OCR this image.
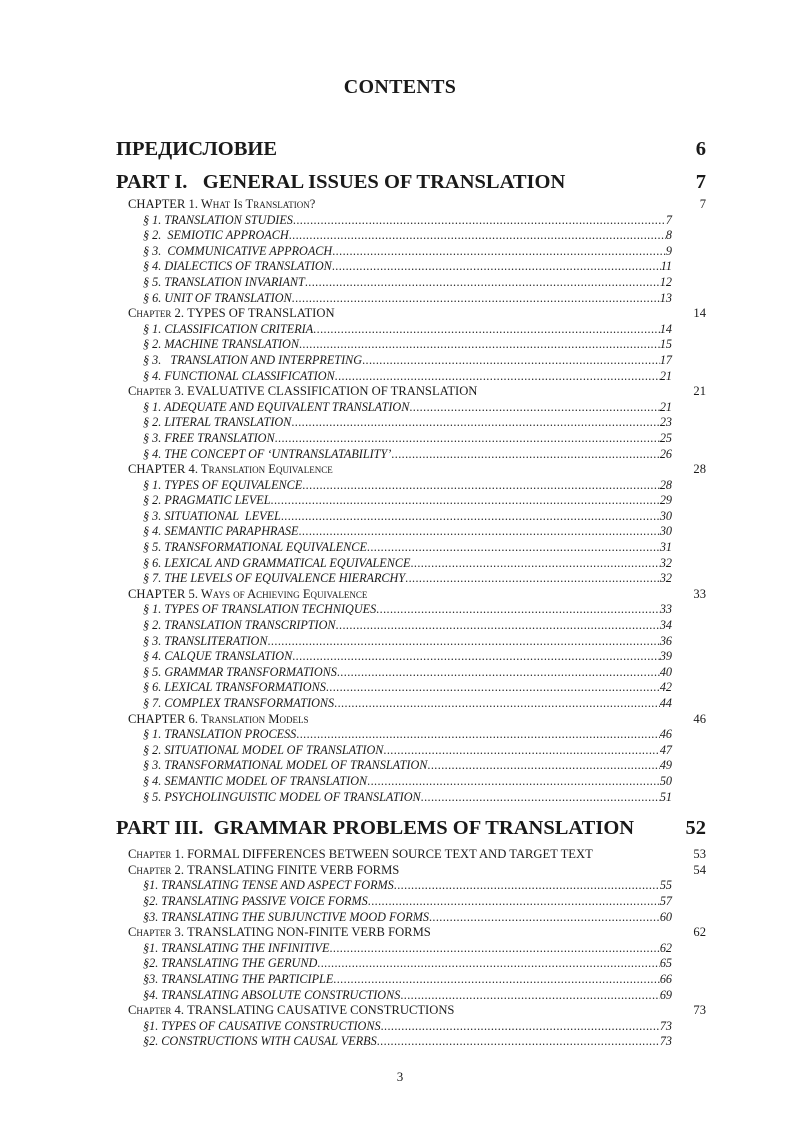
CONTENTS
ПРЕДИСЛОВИЕ	6
PART I.   GENERAL ISSUES OF TRANSLATION	7
CHAPTER 1. What Is Translation?	7
§ 1. TRANSLATION STUDIES .....	7
§ 2.  SEMIOTIC APPROACH .....	8
§ 3.  COMMUNICATIVE APPROACH .....	9
§ 4. DIALECTICS OF TRANSLATION .....	11
§ 5. TRANSLATION INVARIANT .....	12
§ 6. UNIT OF TRANSLATION .....	13
Chapter 2. TYPES OF TRANSLATION	14
§ 1. CLASSIFICATION CRITERIA .....	14
§ 2. MACHINE TRANSLATION .....	15
§ 3.   TRANSLATION AND INTERPRETING .....	17
§ 4. FUNCTIONAL CLASSIFICATION .....	21
Chapter 3. EVALUATIVE CLASSIFICATION OF TRANSLATION	21
§ 1. ADEQUATE AND EQUIVALENT TRANSLATION .....	21
§ 2. LITERAL TRANSLATION .....	23
§ 3. FREE TRANSLATION .....	25
§ 4. THE CONCEPT OF ‘UNTRANSLATABILITY’ .....	26
CHAPTER 4. Translation Equivalence	28
§ 1. TYPES OF EQUIVALENCE .....	28
§ 2. PRAGMATIC LEVEL .....	29
§ 3. SITUATIONAL  LEVEL .....	30
§ 4. SEMANTIC PARAPHRASE .....	30
§ 5. TRANSFORMATIONAL EQUIVALENCE .....	31
§ 6. LEXICAL AND GRAMMATICAL EQUIVALENCE .....	32
§ 7. THE LEVELS OF EQUIVALENCE HIERARCHY .....	32
CHAPTER 5. Ways of Achieving Equivalence	33
§ 1. TYPES OF TRANSLATION TECHNIQUES .....	33
§ 2. TRANSLATION TRANSCRIPTION .....	34
§ 3. TRANSLITERATION .....	36
§ 4. CALQUE TRANSLATION .....	39
§ 5. GRAMMAR TRANSFORMATIONS .....	40
§ 6. LEXICAL TRANSFORMATIONS .....	42
§ 7. COMPLEX TRANSFORMATIONS .....	44
CHAPTER 6. Translation Models	46
§ 1. TRANSLATION PROCESS .....	46
§ 2. SITUATIONAL MODEL OF TRANSLATION .....	47
§ 3. TRANSFORMATIONAL MODEL OF TRANSLATION .....	49
§ 4. SEMANTIC MODEL OF TRANSLATION .....	50
§ 5. PSYCHOLINGUISTIC MODEL OF TRANSLATION .....	51
PART III.  GRAMMAR PROBLEMS OF TRANSLATION	52
Chapter 1. FORMAL DIFFERENCES BETWEEN SOURCE TEXT AND TARGET TEXT	53
Chapter 2. TRANSLATING FINITE VERB FORMS	54
§1. TRANSLATING TENSE AND ASPECT FORMS .....	55
§2. TRANSLATING PASSIVE VOICE FORMS .....	57
§3. TRANSLATING THE SUBJUNCTIVE MOOD FORMS .....	60
Chapter 3. TRANSLATING NON-FINITE VERB FORMS	62
§1. TRANSLATING THE INFINITIVE .....	62
§2. TRANSLATING THE GERUND .....	65
§3. TRANSLATING THE PARTICIPLE .....	66
§4. TRANSLATING ABSOLUTE CONSTRUCTIONS .....	69
Chapter 4. TRANSLATING CAUSATIVE CONSTRUCTIONS	73
§1. TYPES OF CAUSATIVE CONSTRUCTIONS .....	73
§2. CONSTRUCTIONS WITH CAUSAL VERBS .....	73
3
